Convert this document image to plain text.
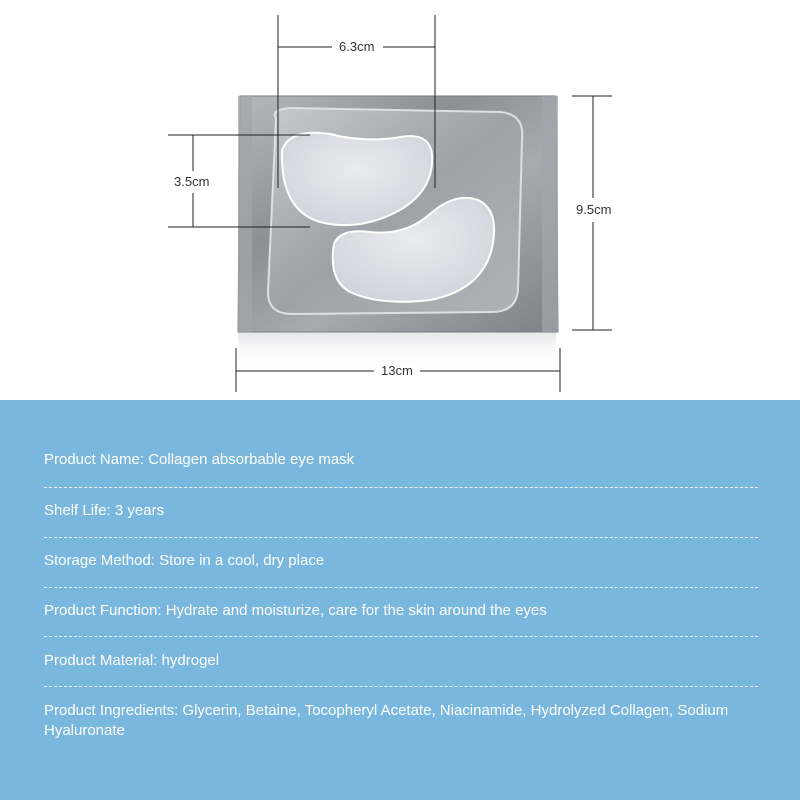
6.3cm
3.5cm
9.5cm
13cm
Product Name: Collagen absorbable eye mask
Shelf Life: 3 years
Storage Method: Store in a cool, dry place
Product Function: Hydrate and moisturize, care for the skin around the eyes
Product Material: hydrogel
Product Ingredients: Glycerin, Betaine, Tocopheryl Acetate, Niacinamide, Hydrolyzed Collagen, Sodium Hyaluronate
